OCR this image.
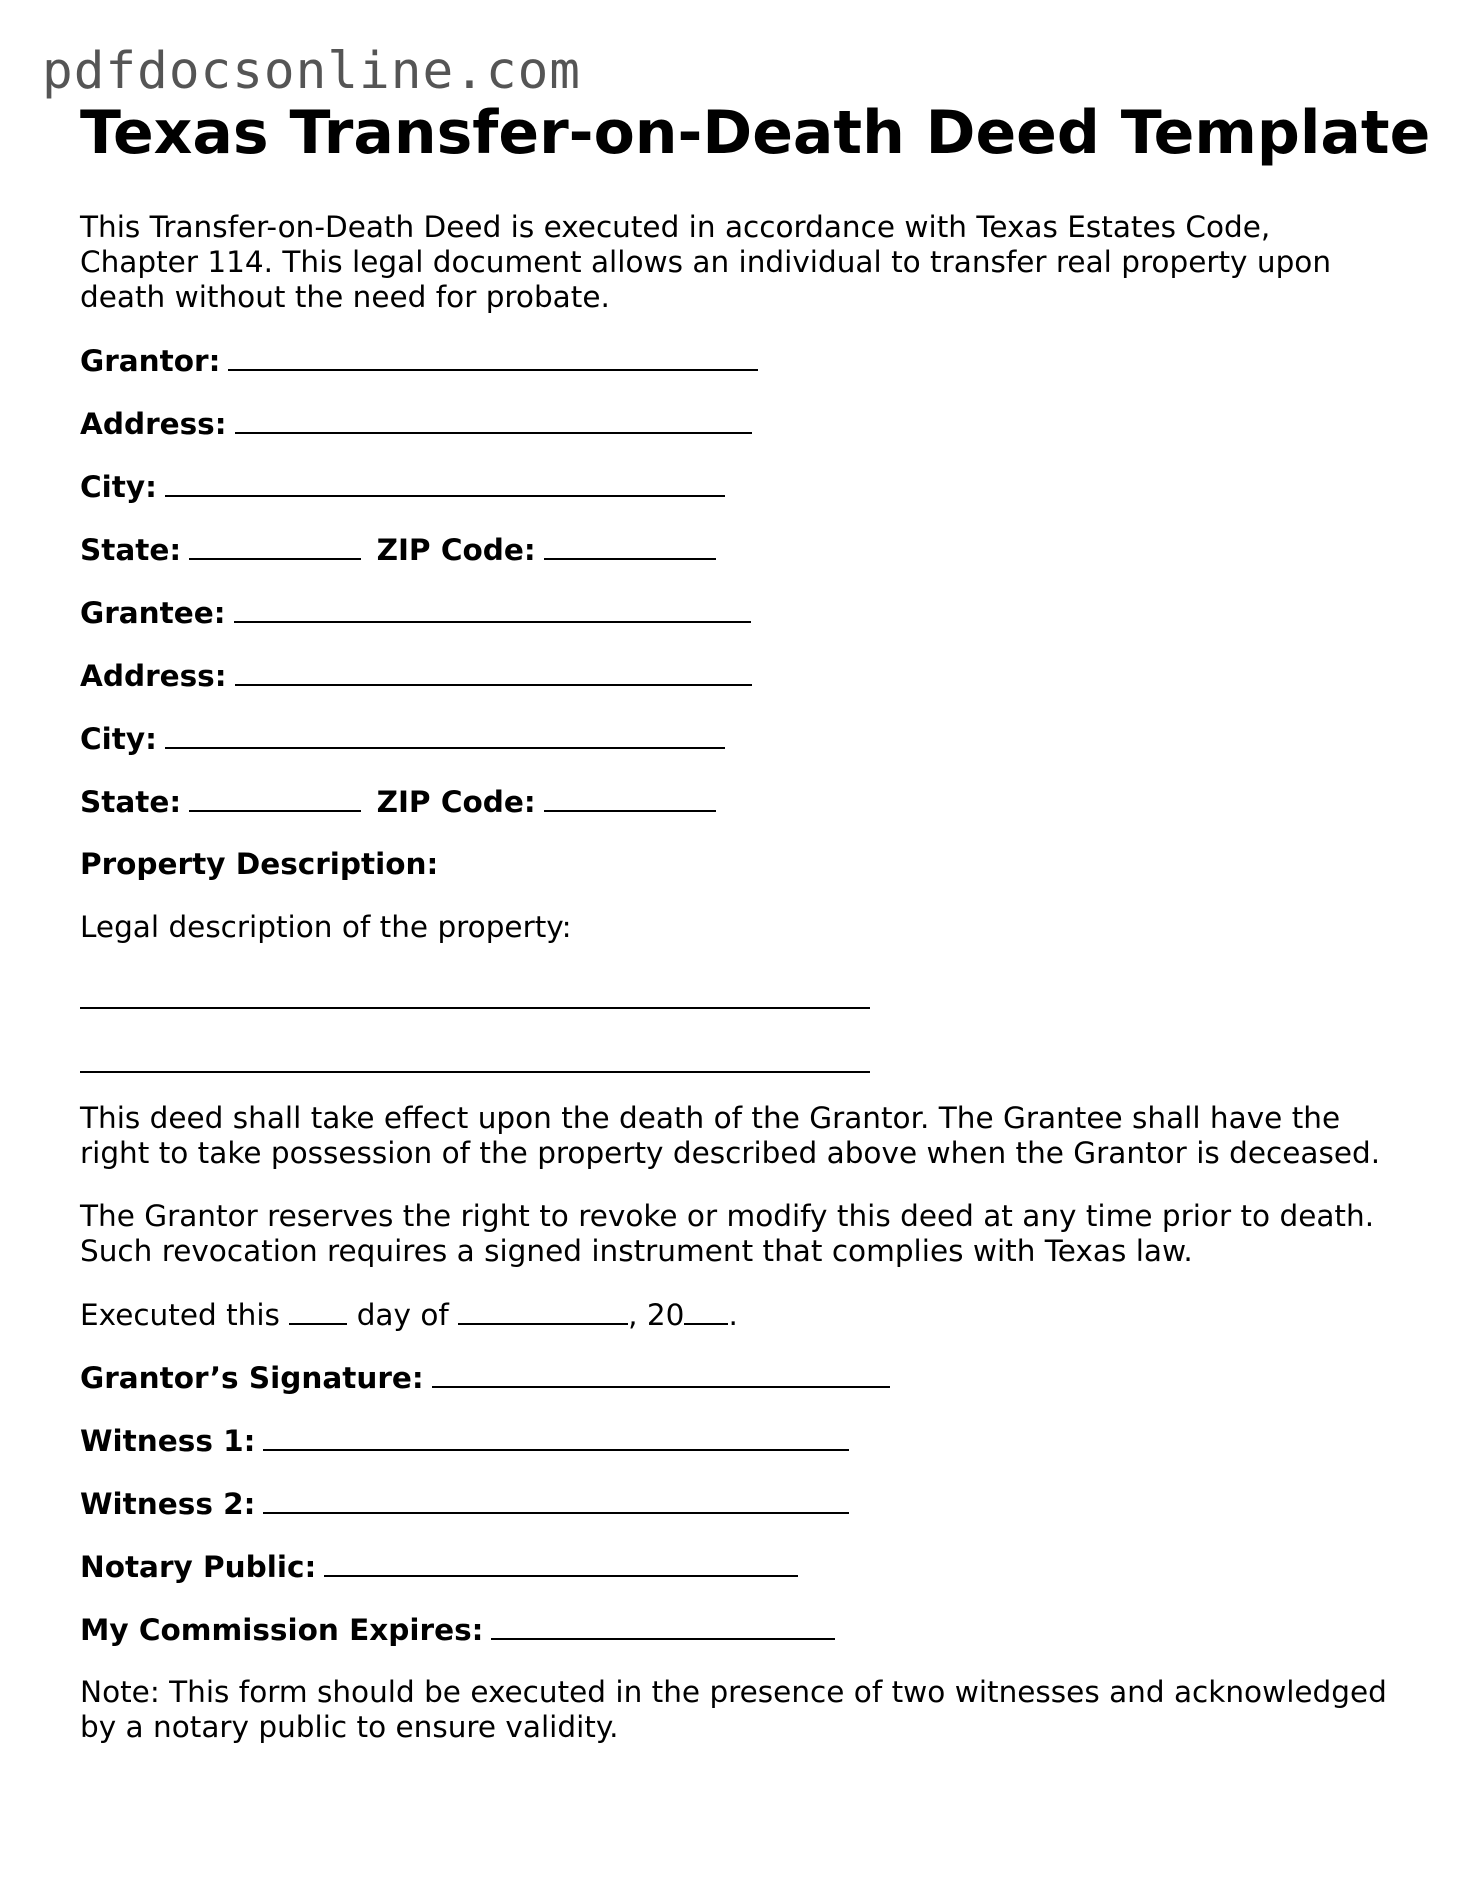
pdfdocsonline.com
Texas Transfer-on-Death Deed Template

This Transfer-on-Death Deed is executed in accordance with Texas Estates Code, Chapter 114. This legal document allows an individual to transfer real property upon death without the need for probate.

Grantor:
Address:
City:
State:	ZIP Code:
Grantee:
Address:
City:
State:	ZIP Code:
Property Description:

Legal description of the property:

This deed shall take effect upon the death of the Grantor. The Grantee shall have the right to take possession of the property described above when the Grantor is deceased.

The Grantor reserves the right to revoke or modify this deed at any time prior to death. Such revocation requires a signed instrument that complies with Texas law.

Executed this	day of	, 20 .
Grantor’s Signature:
Witness 1:
Witness 2:
Notary Public:
My Commission Expires:

Note: This form should be executed in the presence of two witnesses and acknowledged by a notary public to ensure validity.
